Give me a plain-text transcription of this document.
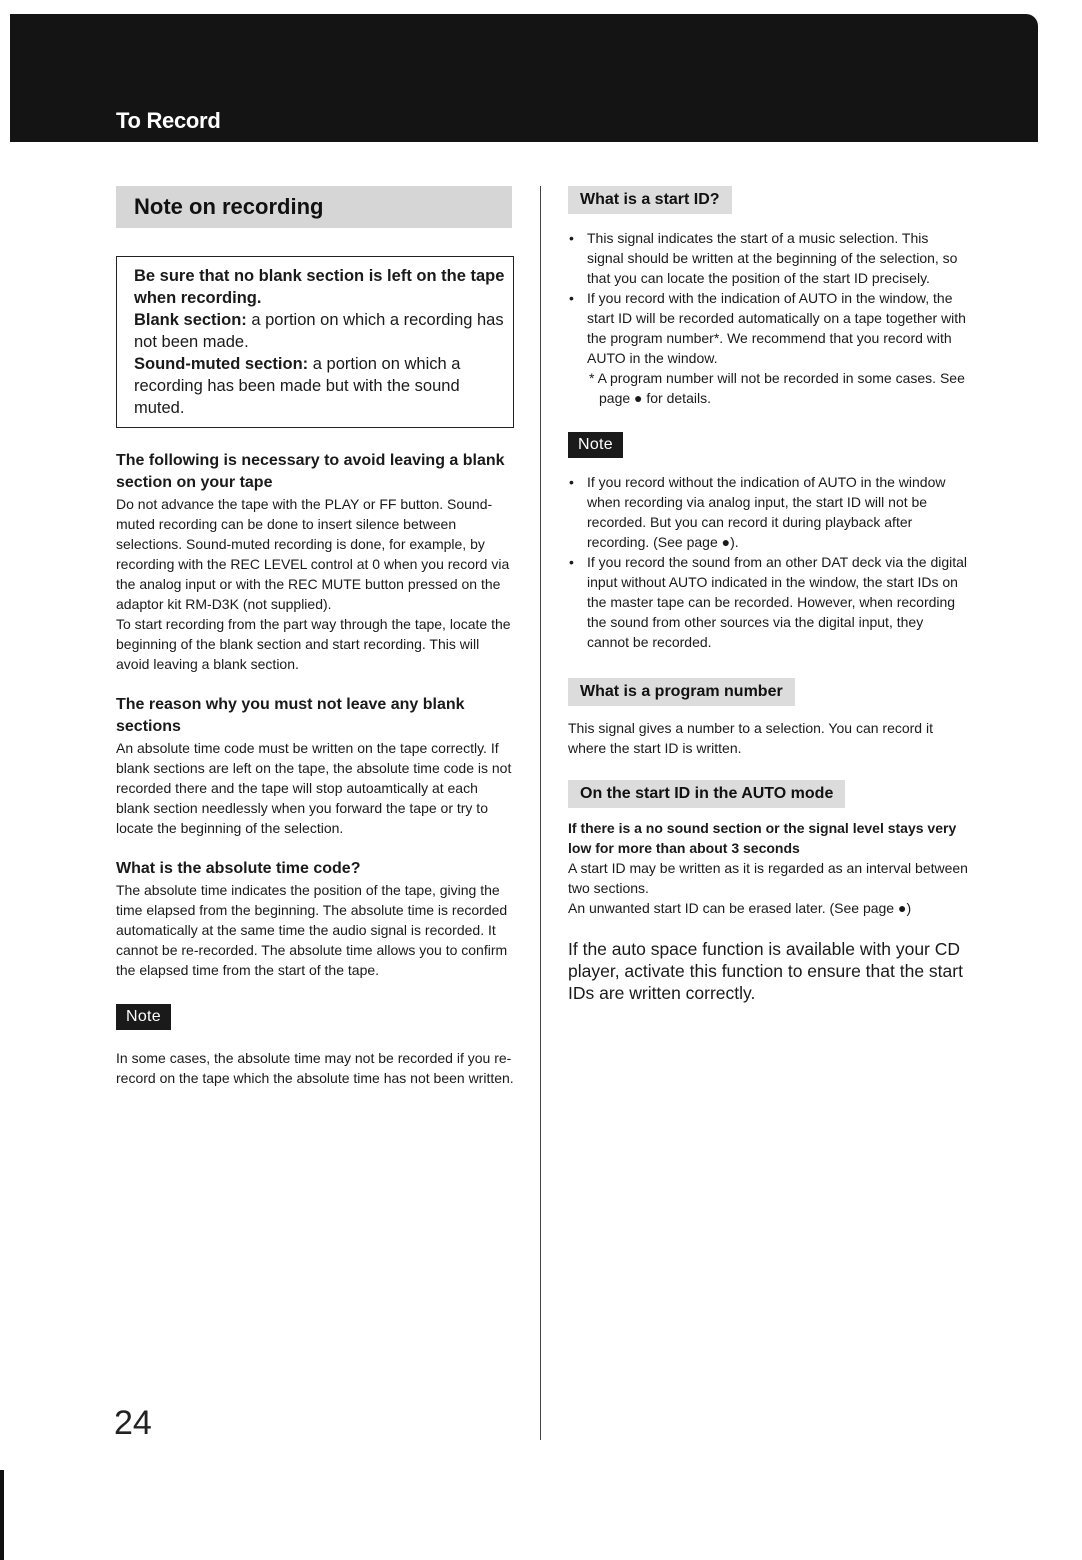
To Record
Note on recording

Be sure that no blank section is left on the tape when recording.

Blank section: a portion on which a recording has not been made.

Sound-muted section: a portion on which a recording has been made but with the sound muted.

The following is necessary to avoid leaving a blank section on your tape

Do not advance the tape with the PLAY or FF button. Sound-muted recording can be done to insert silence between selections. Sound-muted recording is done, for example, by recording with the REC LEVEL control at 0 when you record via the analog input or with the REC MUTE button pressed on the adaptor kit RM-D3K (not supplied).

To start recording from the part way through the tape, locate the beginning of the blank section and start recording. This will avoid leaving a blank section.

The reason why you must not leave any blank sections

An absolute time code must be written on the tape correctly. If blank sections are left on the tape, the absolute time code is not recorded there and the tape will stop autoamtically at each blank section needlessly when you forward the tape or try to locate the beginning of the selection.

What is the absolute time code?

The absolute time indicates the position of the tape, giving the time elapsed from the beginning. The absolute time is recorded automatically at the same time the audio signal is recorded. It cannot be re-recorded. The absolute time allows you to confirm the elapsed time from the start of the tape.

Note

In some cases, the absolute time may not be recorded if you re-record on the tape which the absolute time has not been written.

What is a start ID?
• This signal indicates the start of a music selection. This signal should be written at the beginning of the selection, so that you can locate the position of the start ID precisely.
• If you record with the indication of AUTO in the window, the start ID will be recorded automatically on a tape together with the program number*. We recommend that you record with AUTO in the window.

* A program number will not be recorded in some cases. See page ● for details.

Note
• If you record without the indication of AUTO in the window when recording via analog input, the start ID will not be recorded. But you can record it during playback after recording. (See page ●).
• If you record the sound from an other DAT deck via the digital input without AUTO indicated in the window, the start IDs on the master tape can be recorded. However, when recording the sound from other sources via the digital input, they cannot be recorded.
What is a program number

This signal gives a number to a selection. You can record it where the start ID is written.

On the start ID in the AUTO mode

If there is a no sound section or the signal level stays very low for more than about 3 seconds

A start ID may be written as it is regarded as an interval between two sections.

An unwanted start ID can be erased later. (See page ●)

If the auto space function is available with your CD player, activate this function to ensure that the start IDs are written correctly.

24
